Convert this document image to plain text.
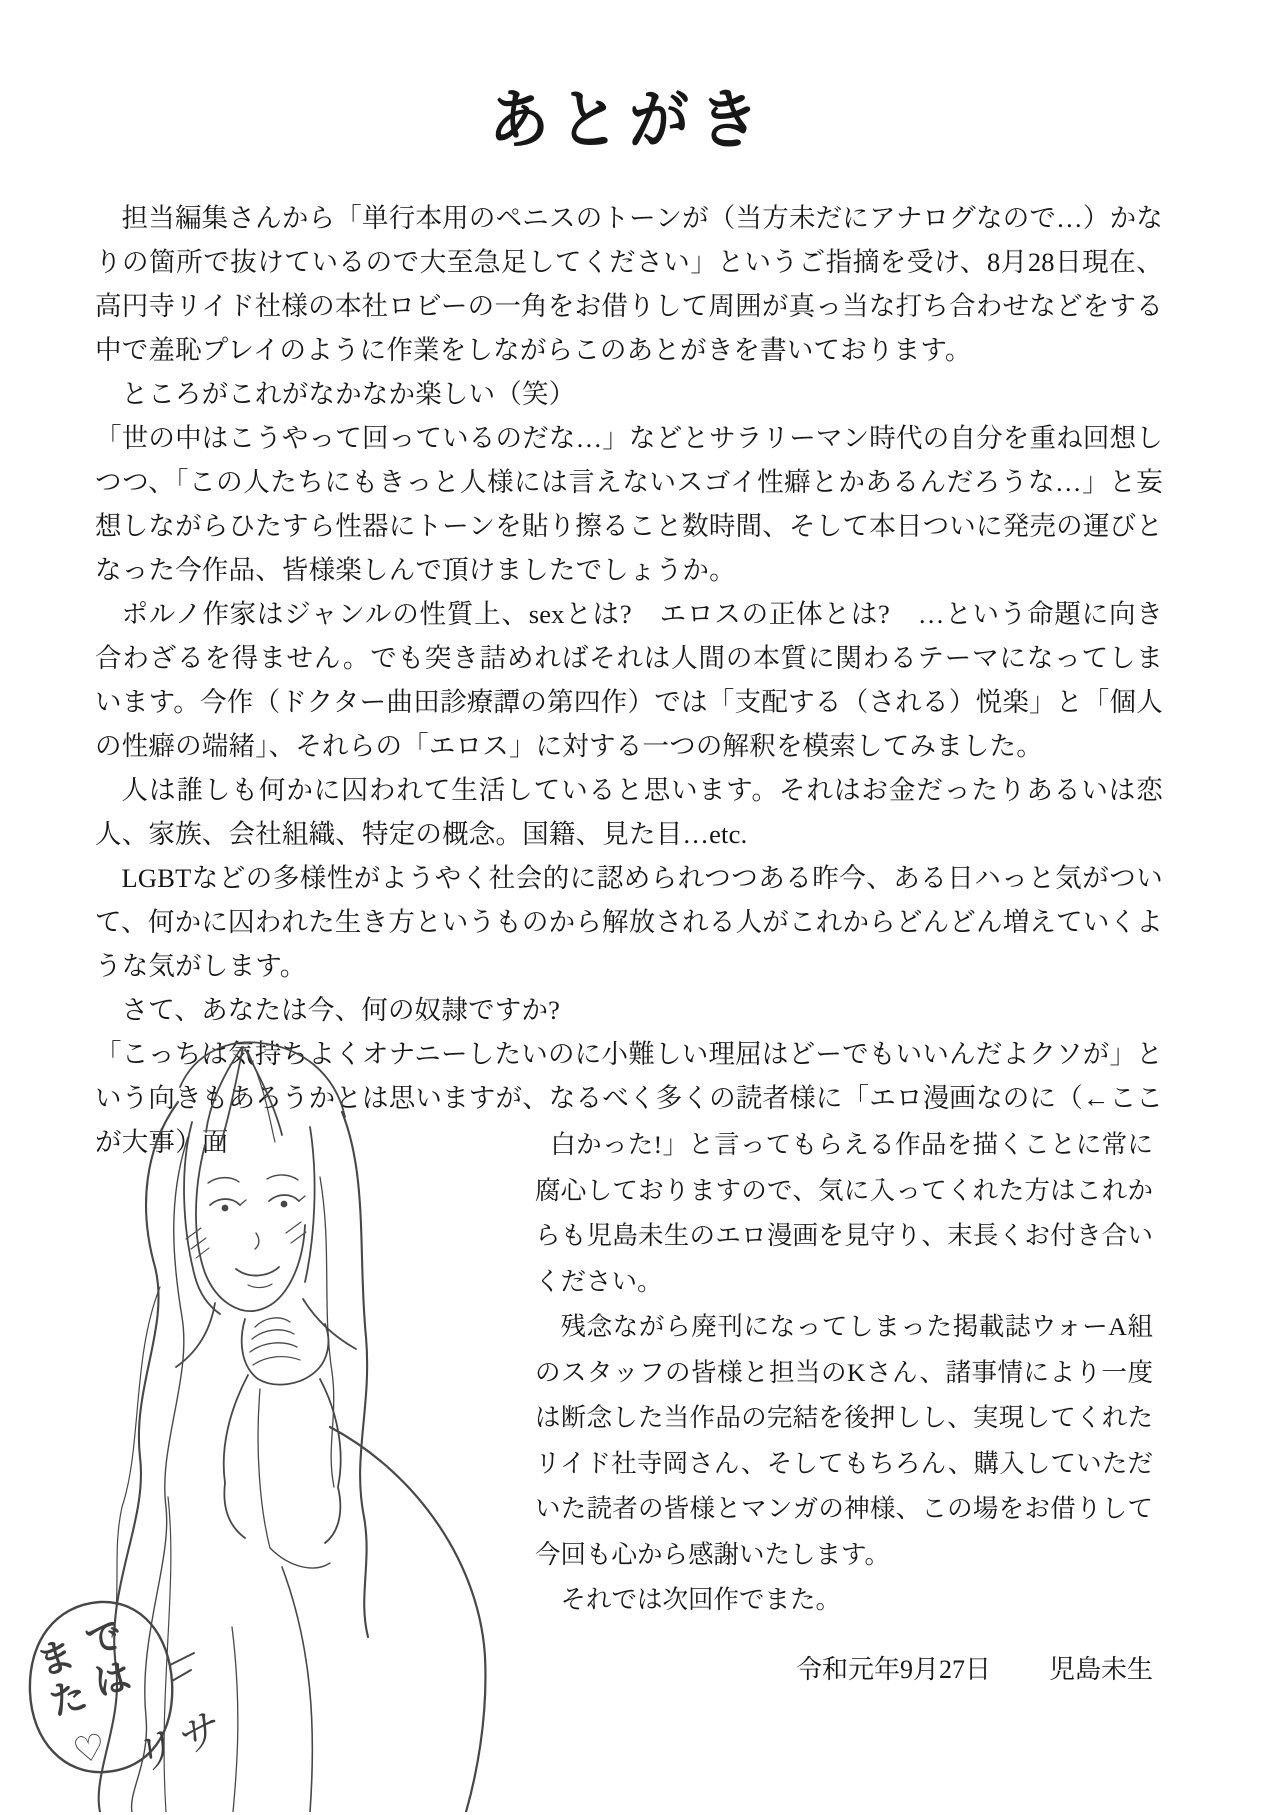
あとがき

担当編集さんから「単行本用のペニスのトーンが（当方未だにアナログなので…）かなりの箇所で抜けているので大至急足してください」というご指摘を受け、8月28日現在、高円寺リイド社様の本社ロビーの一角をお借りして周囲が真っ当な打ち合わせなどをする中で羞恥プレイのように作業をしながらこのあとがきを書いております。

ところがこれがなかなか楽しい（笑）

「世の中はこうやって回っているのだな…」などとサラリーマン時代の自分を重ね回想しつつ、「この人たちにもきっと人様には言えないスゴイ性癖とかあるんだろうな…」と妄想しながらひたすら性器にトーンを貼り擦ること数時間、そして本日ついに発売の運びとなった今作品、皆様楽しんで頂けましたでしょうか。

ポルノ作家はジャンルの性質上、sexとは?　エロスの正体とは?　…という命題に向き合わざるを得ません。でも突き詰めればそれは人間の本質に関わるテーマになってしまいます。今作（ドクター曲田診療譚の第四作）では「支配する（される）悦楽」と「個人の性癖の端緒」、それらの「エロス」に対する一つの解釈を模索してみました。

人は誰しも何かに囚われて生活していると思います。それはお金だったりあるいは恋人、家族、会社組織、特定の概念。国籍、見た目…etc.

LGBTなどの多様性がようやく社会的に認められつつある昨今、ある日ハっと気がついて、何かに囚われた生き方というものから解放される人がこれからどんどん増えていくような気がします。

さて、あなたは今、何の奴隷ですか?

「こっちは気持ちよくオナニーしたいのに小難しい理屈はどーでもいいんだよクソが」という向きもあろうかとは思いますが、なるべく多くの読者様に「エロ漫画なのに（←ここが大事）面

では
また
♡ リサ

白かった!」と言ってもらえる作品を描くことに常に腐心しておりますので、気に入ってくれた方はこれからも児島未生のエロ漫画を見守り、末長くお付き合いください。

残念ながら廃刊になってしまった掲載誌ウォーA組のスタッフの皆様と担当のKさん、諸事情により一度は断念した当作品の完結を後押しし、実現してくれたリイド社寺岡さん、そしてもちろん、購入していただいた読者の皆様とマンガの神様、この場をお借りして今回も心から感謝いたします。

それでは次回作でまた。

令和元年9月27日 児島未生
